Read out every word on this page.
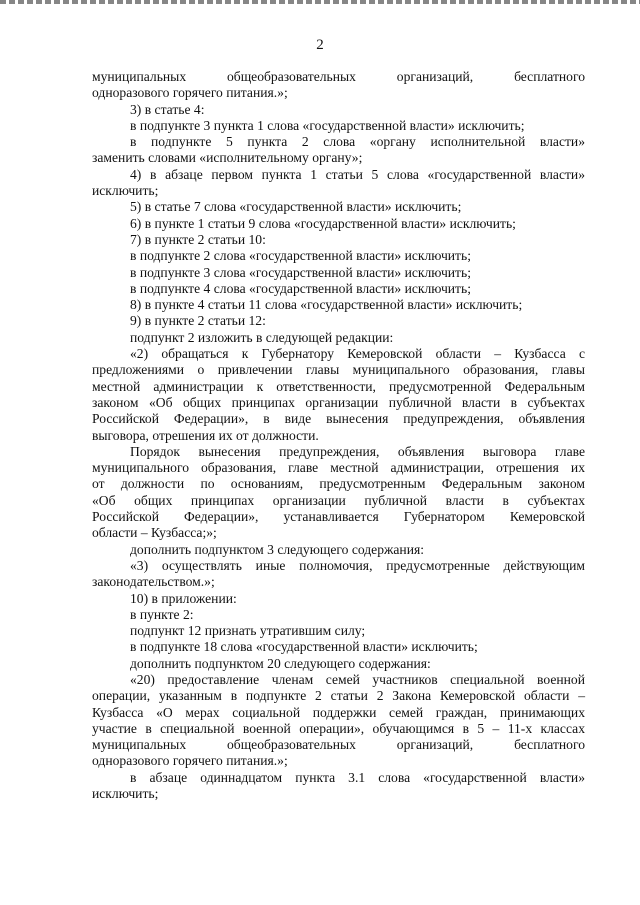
2

муниципальных общеобразовательных организаций, бесплатного

одноразового горячего питания.»;

3) в статье 4:

в подпункте 3 пункта 1 слова «государственной власти» исключить;

в подпункте 5 пункта 2 слова «органу исполнительной власти»

заменить словами «исполнительному органу»;

4) в абзаце первом пункта 1 статьи 5 слова «государственной власти»

исключить;

5) в статье 7 слова «государственной власти» исключить;

6) в пункте 1 статьи 9 слова «государственной власти» исключить;

7) в пункте 2 статьи 10:

в подпункте 2 слова «государственной власти» исключить;

в подпункте 3 слова «государственной власти» исключить;

в подпункте 4 слова «государственной власти» исключить;

8) в пункте 4 статьи 11 слова «государственной власти» исключить;

9) в пункте 2 статьи 12:

подпункт 2 изложить в следующей редакции:

«2) обращаться к Губернатору Кемеровской области – Кузбасса с

предложениями о привлечении главы муниципального образования, главы

местной администрации к ответственности, предусмотренной Федеральным

законом «Об общих принципах организации публичной власти в субъектах

Российской Федерации», в виде вынесения предупреждения, объявления

выговора, отрешения их от должности.

Порядок вынесения предупреждения, объявления выговора главе

муниципального образования, главе местной администрации, отрешения их

от должности по основаниям, предусмотренным Федеральным законом

«Об общих принципах организации публичной власти в субъектах

Российской Федерации», устанавливается Губернатором Кемеровской

области – Кузбасса;»;

дополнить подпунктом 3 следующего содержания:

«3) осуществлять иные полномочия, предусмотренные действующим

законодательством.»;

10) в приложении:

в пункте 2:

подпункт 12 признать утратившим силу;

в подпункте 18 слова «государственной власти» исключить;

дополнить подпунктом 20 следующего содержания:

«20) предоставление членам семей участников специальной военной

операции, указанным в подпункте 2 статьи 2 Закона Кемеровской области –

Кузбасса «О мерах социальной поддержки семей граждан, принимающих

участие в специальной военной операции», обучающимся в 5 – 11-х классах

муниципальных общеобразовательных организаций, бесплатного

одноразового горячего питания.»;

в абзаце одиннадцатом пункта 3.1 слова «государственной власти»

исключить;
